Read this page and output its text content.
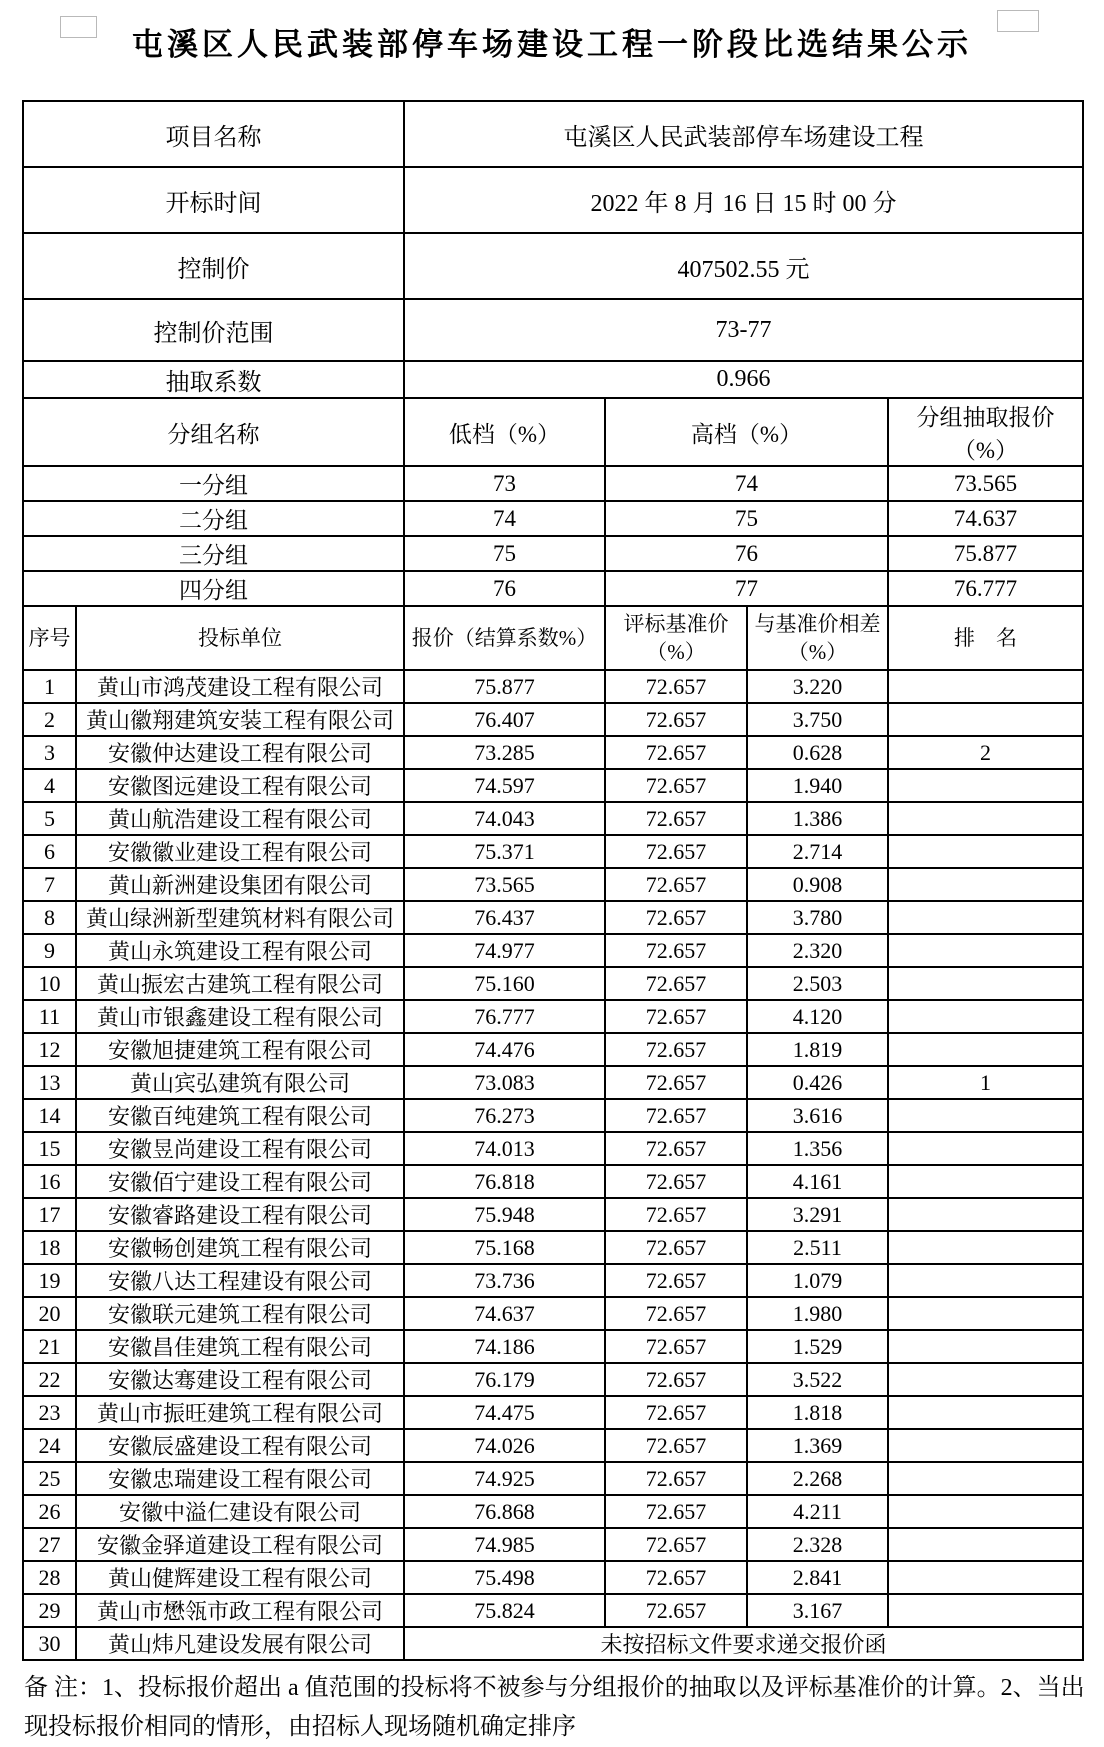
屯溪区人民武装部停车场建设工程一阶段比选结果公示
项目名称	屯溪区人民武装部停车场建设工程
开标时间	2022 年 8 月 16 日 15 时 00 分
控制价	407502.55 元
控制价范围	73-77
抽取系数	0.966
分组名称	低档（%）	高档（%）	分组抽取报价（%）
一分组	73	74	73.565
二分组	74	75	74.637
三分组	75	76	75.877
四分组	76	77	76.777
序号	投标单位	报价（结算系数%）	评标基准价（%）	与基准价相差（%）	排　名
1	黄山市鸿茂建设工程有限公司	75.877	72.657	3.220	
2	黄山徽翔建筑安装工程有限公司	76.407	72.657	3.750	
3	安徽仲达建设工程有限公司	73.285	72.657	0.628	2
4	安徽图远建设工程有限公司	74.597	72.657	1.940	
5	黄山航浩建设工程有限公司	74.043	72.657	1.386	
6	安徽徽业建设工程有限公司	75.371	72.657	2.714	
7	黄山新洲建设集团有限公司	73.565	72.657	0.908	
8	黄山绿洲新型建筑材料有限公司	76.437	72.657	3.780	
9	黄山永筑建设工程有限公司	74.977	72.657	2.320	
10	黄山振宏古建筑工程有限公司	75.160	72.657	2.503	
11	黄山市银鑫建设工程有限公司	76.777	72.657	4.120	
12	安徽旭捷建筑工程有限公司	74.476	72.657	1.819	
13	黄山宾弘建筑有限公司	73.083	72.657	0.426	1
14	安徽百纯建筑工程有限公司	76.273	72.657	3.616	
15	安徽昱尚建设工程有限公司	74.013	72.657	1.356	
16	安徽佰宁建设工程有限公司	76.818	72.657	4.161	
17	安徽睿路建设工程有限公司	75.948	72.657	3.291	
18	安徽畅创建筑工程有限公司	75.168	72.657	2.511	
19	安徽八达工程建设有限公司	73.736	72.657	1.079	
20	安徽联元建筑工程有限公司	74.637	72.657	1.980	
21	安徽昌佳建筑工程有限公司	74.186	72.657	1.529	
22	安徽达骞建设工程有限公司	76.179	72.657	3.522	
23	黄山市振旺建筑工程有限公司	74.475	72.657	1.818	
24	安徽辰盛建设工程有限公司	74.026	72.657	1.369	
25	安徽忠瑞建设工程有限公司	74.925	72.657	2.268	
26	安徽中溢仁建设有限公司	76.868	72.657	4.211	
27	安徽金驿道建设工程有限公司	74.985	72.657	2.328	
28	黄山健辉建设工程有限公司	75.498	72.657	2.841	
29	黄山市懋瓴市政工程有限公司	75.824	72.657	3.167	
30	黄山炜凡建设发展有限公司	未按招标文件要求递交报价函			

备 注：1、投标报价超出 a 值范围的投标将不被参与分组报价的抽取以及评标基准价的计算。2、当出现投标报价相同的情形，由招标人现场随机确定排序
